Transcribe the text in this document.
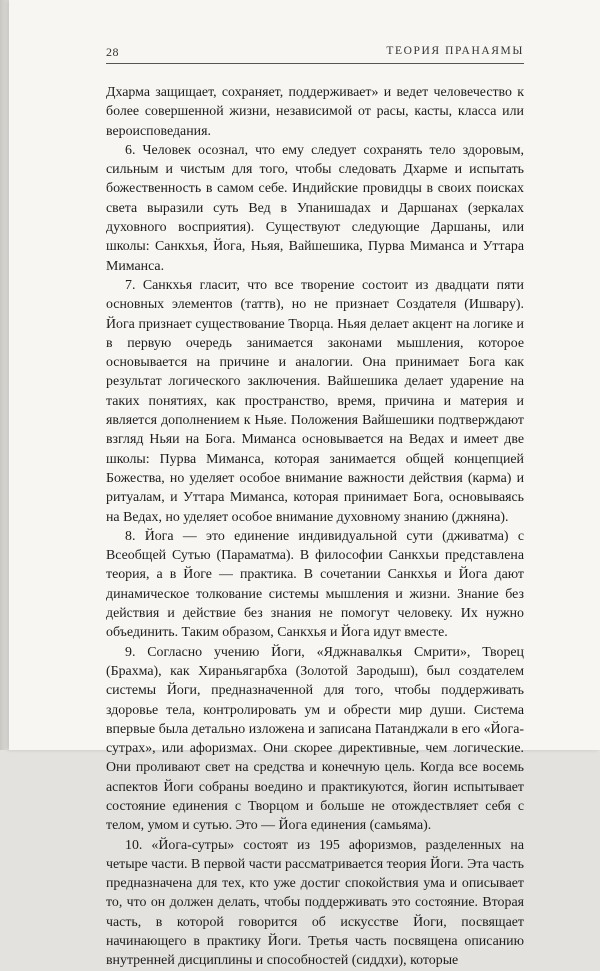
28	ТЕОРИЯ ПРАНАЯМЫ

Дхарма защищает, сохраняет, поддерживает» и ведет человечество к более совершенной жизни, независимой от расы, касты, класса или вероисповедания.

6. Человек осознал, что ему следует сохранять тело здоровым, сильным и чистым для того, чтобы следовать Дхарме и испытать божественность в самом себе. Индийские провидцы в своих поисках света выразили суть Вед в Упанишадах и Даршанах (зеркалах духовного восприятия). Существуют следующие Даршаны, или школы: Санкхья, Йога, Ньяя, Вайшешика, Пурва Миманса и Уттара Миманса.

7. Санкхья гласит, что все творение состоит из двадцати пяти основных элементов (таттв), но не признает Создателя (Ишвару). Йога признает существование Творца. Ньяя делает акцент на логике и в первую очередь занимается законами мышления, которое основывается на причине и аналогии. Она принимает Бога как результат логического заключения. Вайшешика делает ударение на таких понятиях, как пространство, время, причина и материя и является дополнением к Ньяе. Положения Вайшешики подтверждают взгляд Ньяи на Бога. Миманса основывается на Ведах и имеет две школы: Пурва Миманса, которая занимается общей концепцией Божества, но уделяет особое внимание важности действия (карма) и ритуалам, и Уттара Миманса, которая принимает Бога, основываясь на Ведах, но уделяет особое внимание духовному знанию (джняна).

8. Йога — это единение индивидуальной сути (дживатма) с Всеобщей Сутью (Параматма). В философии Санкхьи представлена теория, а в Йоге — практика. В сочетании Санкхья и Йога дают динамическое толкование системы мышления и жизни. Знание без действия и действие без знания не помогут человеку. Их нужно объединить. Таким образом, Санкхья и Йога идут вместе.

9. Согласно учению Йоги, «Яджнавалкья Смрити», Творец (Брахма), как Хираньягарбха (Золотой Зародыш), был создателем системы Йоги, предназначенной для того, чтобы поддерживать здоровье тела, контролировать ум и обрести мир души. Система впервые была детально изложена и записана Патанджали в его «Йога-сутрах», или афоризмах. Они скорее директивные, чем логические. Они проливают свет на средства и конечную цель. Когда все восемь аспектов Йоги собраны воедино и практикуются, йогин испытывает состояние единения с Творцом и больше не отождествляет себя с телом, умом и сутью. Это — Йога единения (самьяма).

10. «Йога-сутры» состоят из 195 афоризмов, разделенных на четыре части. В первой части рассматривается теория Йоги. Эта часть предназначена для тех, кто уже достиг спокойствия ума и описывает то, что он должен делать, чтобы поддерживать это состояние. Вторая часть, в которой говорится об искусстве Йоги, посвящает начинающего в практику Йоги. Третья часть посвящена описанию внутренней дисциплины и способностей (сиддхи), которые
